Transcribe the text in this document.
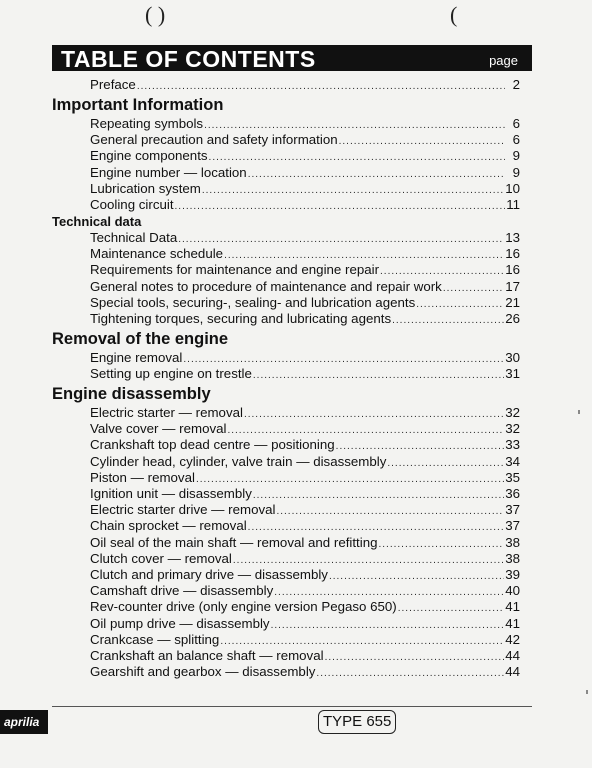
( )	(
TABLE OF CONTENTS	page
Preface .....	2
Important Information
Repeating symbols .....	6
General precaution and safety information .....	6
Engine components .....	9
Engine number — location .....	9
Lubrication system .....	10
Cooling circuit .....	11
Technical data
Technical Data .....	13
Maintenance schedule .....	16
Requirements for maintenance and engine repair .....	16
General notes to procedure of maintenance and repair work .....	17
Special tools, securing-, sealing- and lubrication agents .....	21
Tightening torques, securing and lubricating agents .....	26
Removal of the engine
Engine removal .....	30
Setting up engine on trestle .....	31
Engine disassembly
Electric starter — removal .....	32
Valve cover — removal .....	32
Crankshaft top dead centre — positioning .....	33
Cylinder head, cylinder, valve train — disassembly .....	34
Piston — removal .....	35
Ignition unit — disassembly .....	36
Electric starter drive — removal .....	37
Chain sprocket — removal .....	37
Oil seal of the main shaft — removal and refitting .....	38
Clutch cover — removal .....	38
Clutch and primary drive — disassembly .....	39
Camshaft drive — disassembly .....	40
Rev-counter drive (only engine version Pegaso 650) .....	41
Oil pump drive — disassembly .....	41
Crankcase — splitting .....	42
Crankshaft an balance shaft — removal .....	44
Gearshift and gearbox — disassembly .....	44
aprilia	TYPE 655
